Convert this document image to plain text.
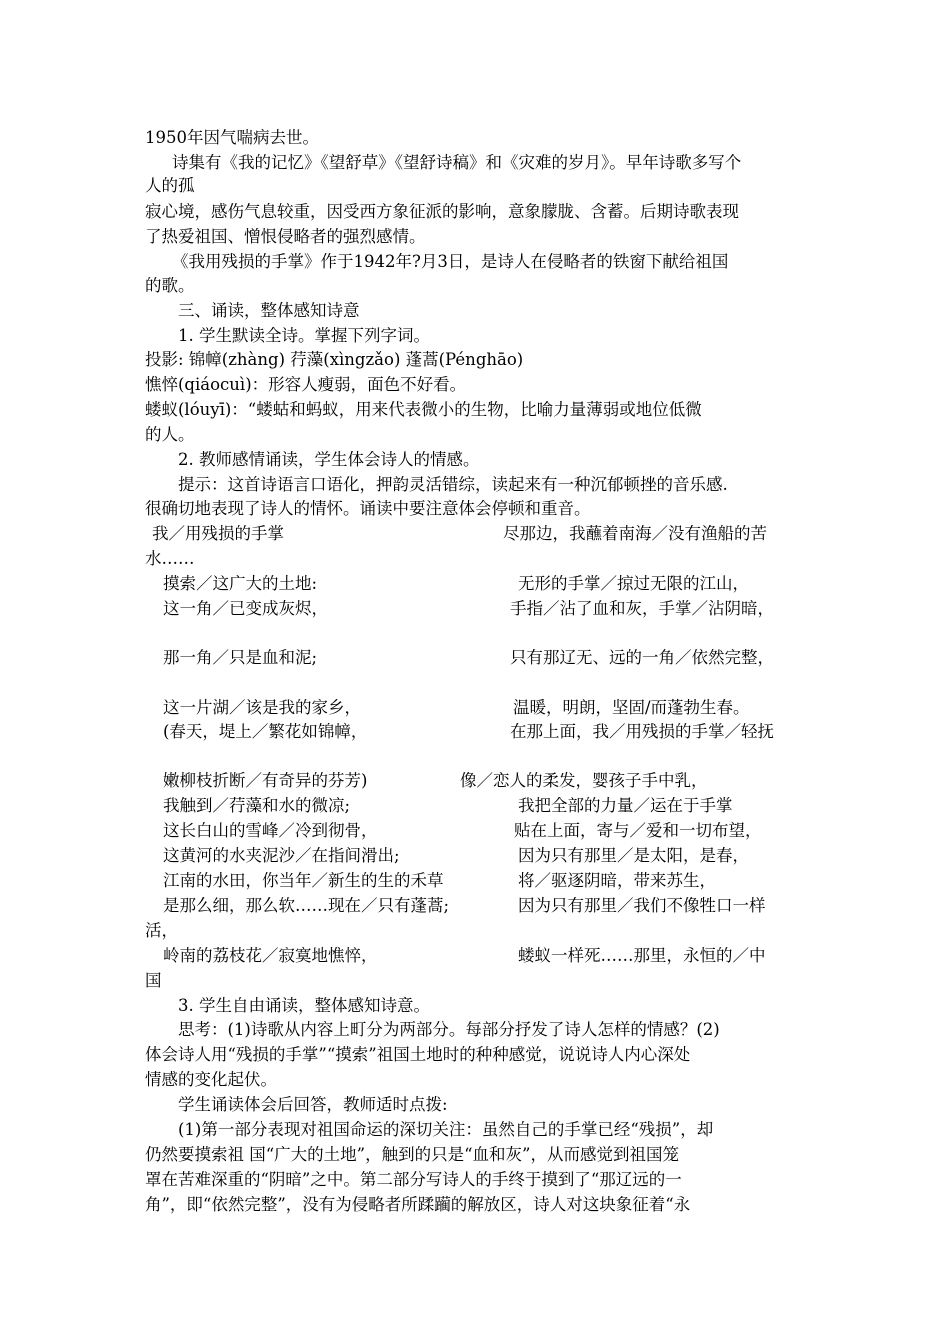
1950年因气喘病去世。
诗集有《我的记忆》《望舒草》《望舒诗稿》和《灾难的岁月》。早年诗歌多写个
人的孤
寂心境，感伤气息较重，因受西方象征派的影响，意象朦胧、含蓄。后期诗歌表现
了热爱祖国、憎恨侵略者的强烈感情。
《我用残损的手掌》作于1942年?月3日，是诗人在侵略者的铁窗下献给祖国
的歌。
三、诵读，整体感知诗意
1. 学生默读全诗。掌握下列字词。
投影: 锦幛(zhàng) 荇藻(xìngzǎo) 蓬蒿(Pénghāo)
憔悴(qiáocuì)：形容人瘦弱，面色不好看。
蝼蚁(lóuyī)：“蝼蛄和蚂蚁，用来代表微小的生物，比喻力量薄弱或地位低微
的人。
2. 教师感情诵读，学生体会诗人的情感。
提示：这首诗语言口语化，押韵灵活错综，读起来有一种沉郁顿挫的音乐感.
很确切地表现了诗人的情怀。诵读中要注意体会停顿和重音。
我／用残损的手掌	尽那边，我蘸着南海／没有渔船的苦
水……
摸索／这广大的土地:	无形的手掌／掠过无限的江山，
这一角／已变成灰烬，	手指／沾了血和灰，手掌／沾阴暗，
那一角／只是血和泥;	只有那辽无、远的一角／依然完整，
这一片湖／该是我的家乡，	温暖，明朗，坚固/而蓬勃生春。
(春天，堤上／繁花如锦幛，	在那上面，我／用残损的手掌／轻抚
嫩柳枝折断／有奇异的芬芳)	像／恋人的柔发，婴孩子手中乳，
我触到／荇藻和水的微凉;	我把全部的力量／运在于手掌
这长白山的雪峰／冷到彻骨，	贴在上面，寄与／爱和一切布望，
这黄河的水夹泥沙／在指间滑出;	因为只有那里／是太阳，是春，
江南的水田，你当年／新生的生的禾草	将／驱逐阴暗，带来苏生，
是那么细，那么软……现在／只有蓬蒿;	因为只有那里／我们不像牲口一样
活，
岭南的荔枝花／寂寞地憔悴，	蝼蚁一样死……那里，永恒的／中
国
3. 学生自由诵读，整体感知诗意。
思考：(1)诗歌从内容上町分为两部分。每部分抒发了诗人怎样的情感？(2)
体会诗人用“残损的手掌”“摸索”祖国土地时的种种感觉，说说诗人内心深处
情感的变化起伏。
学生诵读体会后回答，教师适时点拨:
(1)第一部分表现对祖国命运的深切关注：虽然自己的手掌已经“残损”，却
仍然要摸索祖 国“广大的土地”，触到的只是“血和灰”，从而感觉到祖国笼
罩在苦难深重的“阴暗”之中。第二部分写诗人的手终于摸到了“那辽远的一
角”，即“依然完整”，没有为侵略者所蹂躏的解放区，诗人对这块象征着“永
